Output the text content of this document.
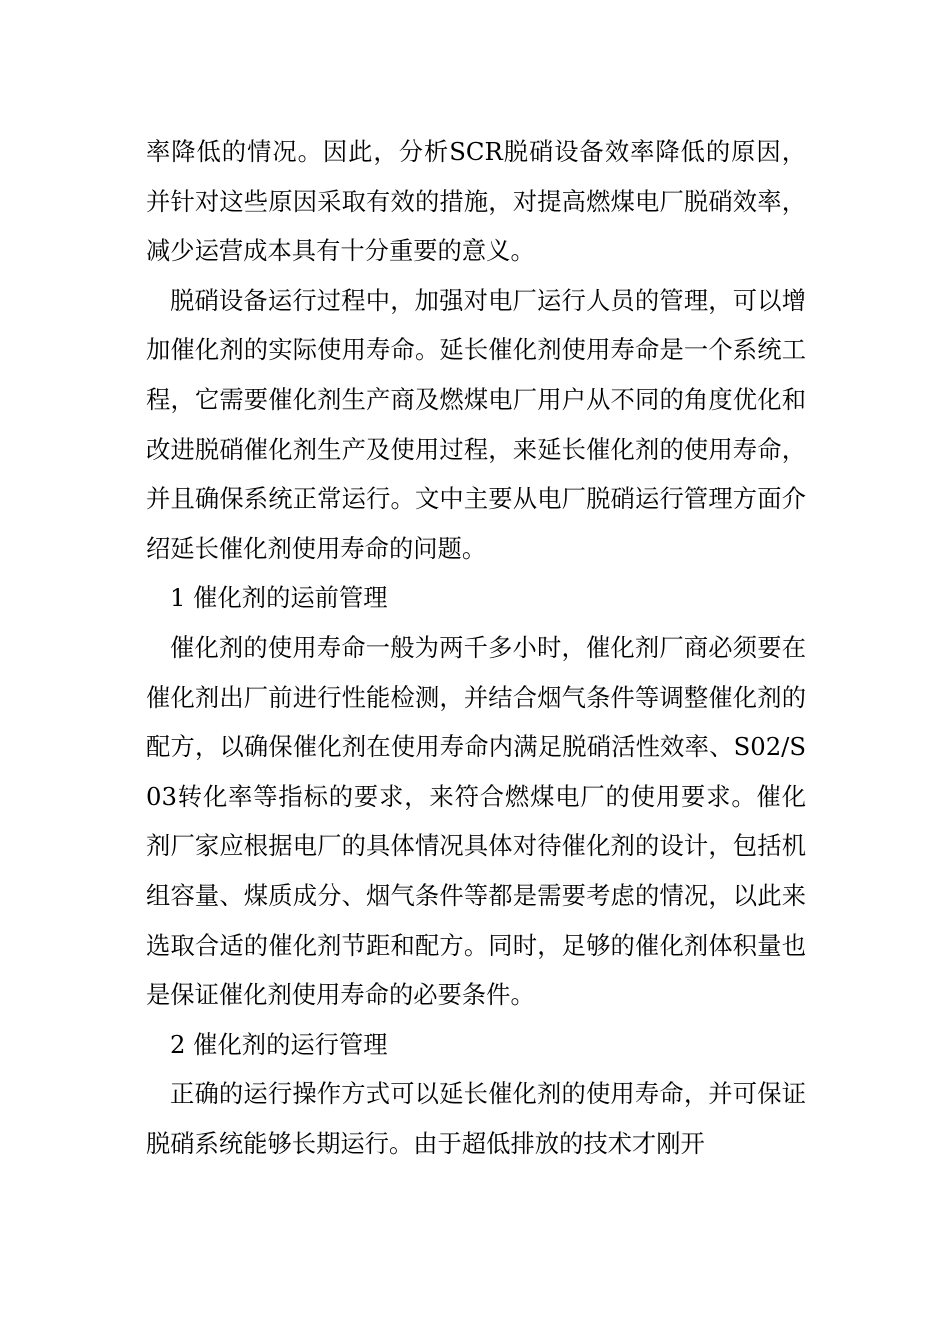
率降低的情况。因此，分析SCR脱硝设备效率降低的原因，并针对这些原因采取有效的措施，对提高燃煤电厂脱硝效率，减少运营成本具有十分重要的意义。

脱硝设备运行过程中，加强对电厂运行人员的管理，可以增加催化剂的实际使用寿命。延长催化剂使用寿命是一个系统工程，它需要催化剂生产商及燃煤电厂用户从不同的角度优化和改进脱硝催化剂生产及使用过程，来延长催化剂的使用寿命，并且确保系统正常运行。文中主要从电厂脱硝运行管理方面介绍延长催化剂使用寿命的问题。

1 催化剂的运前管理

催化剂的使用寿命一般为两千多小时，催化剂厂商必须要在催化剂出厂前进行性能检测，并结合烟气条件等调整催化剂的配方，以确保催化剂在使用寿命内满足脱硝活性效率、S02/S03转化率等指标的要求，来符合燃煤电厂的使用要求。催化剂厂家应根据电厂的具体情况具体对待催化剂的设计，包括机组容量、煤质成分、烟气条件等都是需要考虑的情况，以此来选取合适的催化剂节距和配方。同时，足够的催化剂体积量也是保证催化剂使用寿命的必要条件。

2 催化剂的运行管理

正确的运行操作方式可以延长催化剂的使用寿命，并可保证脱硝系统能够长期运行。由于超低排放的技术才刚开
